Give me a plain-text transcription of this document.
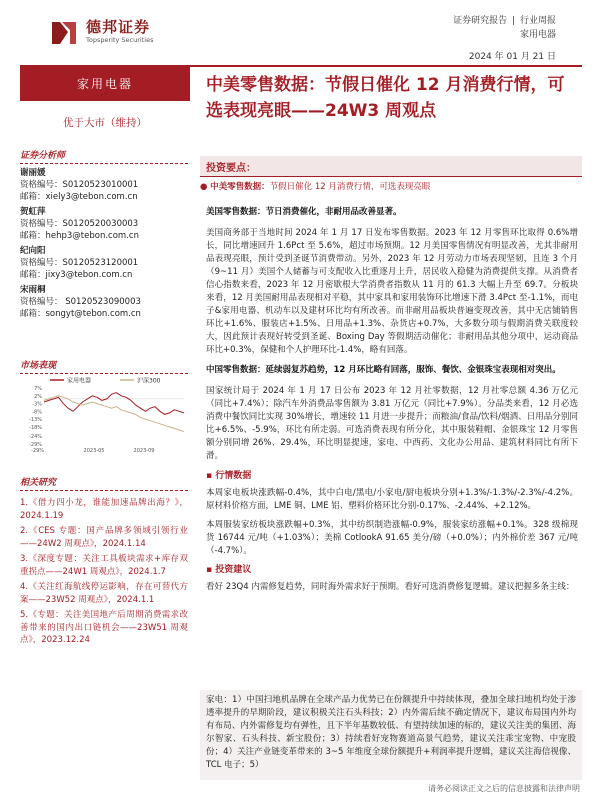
德邦证券
Topsperity Securities
证券研究报告 | 行业周报
家用电器
2024 年 01 月 21 日
家用电器
优于大市（维持）
证券分析师
谢丽媛
资格编号：S0120523010001
邮箱：xiely3@tebon.com.cn
贺虹萍
资格编号：S0120520030003
邮箱：hehp3@tebon.com.cn
纪向阳
资格编号：S0120523120001
邮箱：jixy3@tebon.com.cn
宋雨桐
资格编号： S0120523090003
邮箱：songyt@tebon.com.cn
市场表现
家用电器	沪深300
7%
2%
-3%
-8%
-13%
-18%
-24%
-29%
-29%	2023-05	2023-09
相关研究
1.《借力四小龙，谁能加速品牌出海？》，2024.1.19
2.《CES 专题：国产品牌多领域引领行业——24W2 周观点》，2024.1.14
3.《深度专题：关注工具板块需求+库存双重拐点——24W1 周观点》，2024.1.7
4.《关注红海航线停运影响，存在可替代方案——23W52 周观点》，2024.1.1
5.《专题：关注美国地产后周期消费需求改善带来的国内出口链机会——23W51 周观点》，2023.12.24
中美零售数据：节假日催化 12 月消费行情，可选表现亮眼——24W3 周观点
投资要点：
● 中美零售数据：节假日催化 12 月消费行情，可选表现亮眼

美国零售数据：节日消费催化，非耐用品改善显著。

美国商务部于当地时间 2024 年 1 月 17 日发布零售数据。2023 年 12 月零售环比取得 0.6%增长，同比增速回升 1.6Pct 至 5.6%，超过市场预期。12 月美国零售情况有明显改善，尤其非耐用品表现亮眼，预计受到圣诞节消费带动。另外，2023 年 12 月劳动力市场表现坚韧，且连 3 个月（9~11 月）美国个人储蓄与可支配收入比重逐月上升，居民收入稳健为消费提供支撑。从消费者信心指数来看，2023 年 12 月密歇根大学消费者指数从 11 月的 61.3 大幅上升至 69.7。分板块来看，12 月美国耐用品表现相对平稳，其中家具和家用装饰环比增速下滑 3.4Pct 至-1.1%，而电子&家用电器、机动车以及建材环比均有所改善。而非耐用品板块普遍变现改善，其中无店铺销售环比+1.6%、服装店+1.5%、日用品+1.3%、杂货店+0.7%，大多数分项与假期消费关联度较大，因此预计表现好转受到圣诞、Boxing Day 等假期活动催化；非耐用品其他分项中，运动商品环比+0.3%，保健和个人护理环比-1.4%，略有回落。

中国零售数据：延续弱复苏趋势，12 月环比略有回落，服饰、餐饮、金银珠宝表现相对突出。

国家统计局于 2024 年 1 月 17 日公布 2023 年 12 月社零数据，12 月社零总额 4.36 万亿元（同比+7.4%）；除汽车外消费品零售额为 3.81 万亿元（同比+7.9%）。分品类来看，12 月必选消费中餐饮同比实现 30%增长，增速较 11 月进一步提升；而粮油/食品/饮料/烟酒、日用品分别同比+6.5%、-5.9%，环比有所走弱。可选消费表现有所分化，其中服装鞋帽、金银珠宝 12 月零售额分别同增 26%、29.4%，环比明显提速，家电、中西药、文化办公用品、建筑材料同比有所下滑。

▪ 行情数据

本周家电板块涨跌幅-0.4%，其中白电/黑电/小家电/厨电板块分别+1.3%/-1.3%/-2.3%/-4.2%。原材料价格方面，LME 铜、LME 铝、塑料价格环比分别-0.17%、-2.44%、+2.12%。

本周服装家纺板块涨跌幅+0.3%，其中纺织制造涨幅-0.9%，服装家纺涨幅+0.1%。328 级棉现货 16744 元/吨（+1.03%）；美棉 CotlookA 91.65 美分/磅（+0.0%）；内外棉价差 367 元/吨（-4.7%）。

▪ 投资建议

看好 23Q4 内需修复趋势，同时海外需求好于预期。看好可选消费修复逻辑。建议把握多条主线：

家电：1）中国扫地机品牌在全球产品力优势已在份额提升中持续体现，叠加全球扫地机均处于渗透率提升的早期阶段，建议积极关注石头科技；2）内外需后续不确定情况下，建议布局国内外均有布局、内外需修复均有弹性，且下半年基数较低、有望持续加速的标的，建议关注美的集团、海尔智家、石头科技、新宝股份；3）持续看好宠物赛道高景气趋势，建议关注乖宝宠物、中宠股份；4）关注产业链变革带来的 3~5 年维度全球份额提升+利润率提升逻辑，建议关注海信视像、TCL 电子；5）
请务必阅读正文之后的信息披露和法律声明
